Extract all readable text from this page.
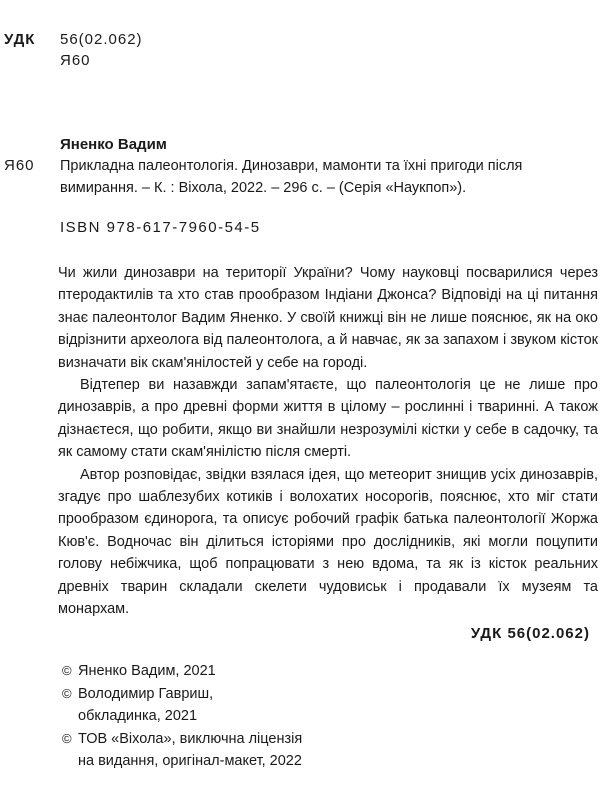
УДК 56(02.062)
Я60
Яненко Вадим
Я60 Прикладна палеонтологія. Динозаври, мамонти та їхні пригоди після вимирання. – К. : Віхола, 2022. – 296 с. – (Серія «Наукпоп»).
ISBN 978-617-7960-54-5

Чи жили динозаври на території України? Чому науковці посварилися через птеродактилів та хто став прообразом Індіани Джонса? Відповіді на ці питання знає палеонтолог Вадим Яненко. У своїй книжці він не лише пояснює, як на око відрізнити археолога від палеонтолога, а й навчає, як за запахом і звуком кісток визначати вік скам'янілостей у себе на городі.

Відтепер ви назавжди запам'ятаєте, що палеонтологія це не лише про динозаврів, а про древні форми життя в цілому – рослинні і тваринні. А також дізнаєтеся, що робити, якщо ви знайшли незрозумілі кістки у себе в садочку, та як самому стати скам'янілістю після смерті.

Автор розповідає, звідки взялася ідея, що метеорит знищив усіх динозаврів, згадує про шаблезубих котиків і волохатих носорогів, пояснює, хто міг стати прообразом єдинорога, та описує робочий графік батька палеонтології Жоржа Кюв'є. Водночас він ділиться історіями про дослідників, які могли поцупити голову небіжчика, щоб попрацювати з нею вдома, та як із кісток реальних древніх тварин складали скелети чудовиськ і продавали їх музеям та монархам.

УДК 56(02.062)
© Яненко Вадим, 2021
© Володимир Гавриш,
обкладинка, 2021
© ТОВ «Віхола», виключна ліцензія
на видання, оригінал-макет, 2022
